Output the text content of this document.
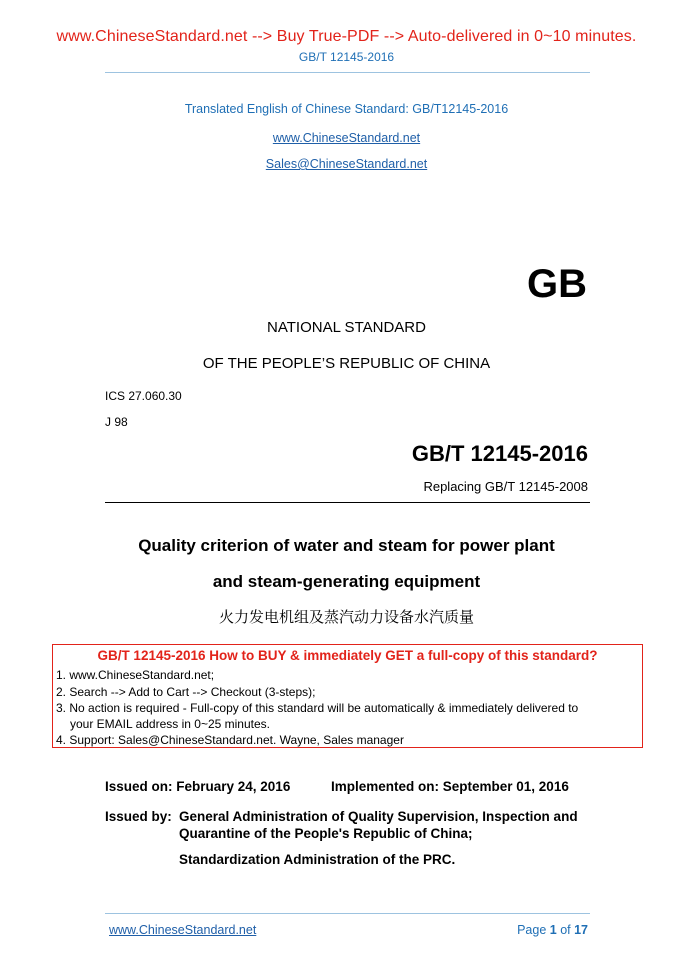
www.ChineseStandard.net --> Buy True-PDF --> Auto-delivered in 0~10 minutes.
GB/T 12145-2016
Translated English of Chinese Standard: GB/T12145-2016
www.ChineseStandard.net
Sales@ChineseStandard.net
GB
NATIONAL STANDARD
OF THE PEOPLE’S REPUBLIC OF CHINA
ICS 27.060.30
J 98
GB/T 12145-2016
Replacing GB/T 12145-2008
Quality criterion of water and steam for power plant
and steam-generating equipment
火力发电机组及蒸汽动力设备水汽质量
GB/T 12145-2016 How to BUY & immediately GET a full-copy of this standard?
1. www.ChineseStandard.net;
2. Search --> Add to Cart --> Checkout (3-steps);
3. No action is required - Full-copy of this standard will be automatically & immediately delivered to
your EMAIL address in 0~25 minutes.
4. Support: Sales@ChineseStandard.net. Wayne, Sales manager
Issued on: February 24, 2016	Implemented on: September 01, 2016
Issued by: General Administration of Quality Supervision, Inspection and
Quarantine of the People's Republic of China;
Standardization Administration of the PRC.
www.ChineseStandard.net	Page 1 of 17
